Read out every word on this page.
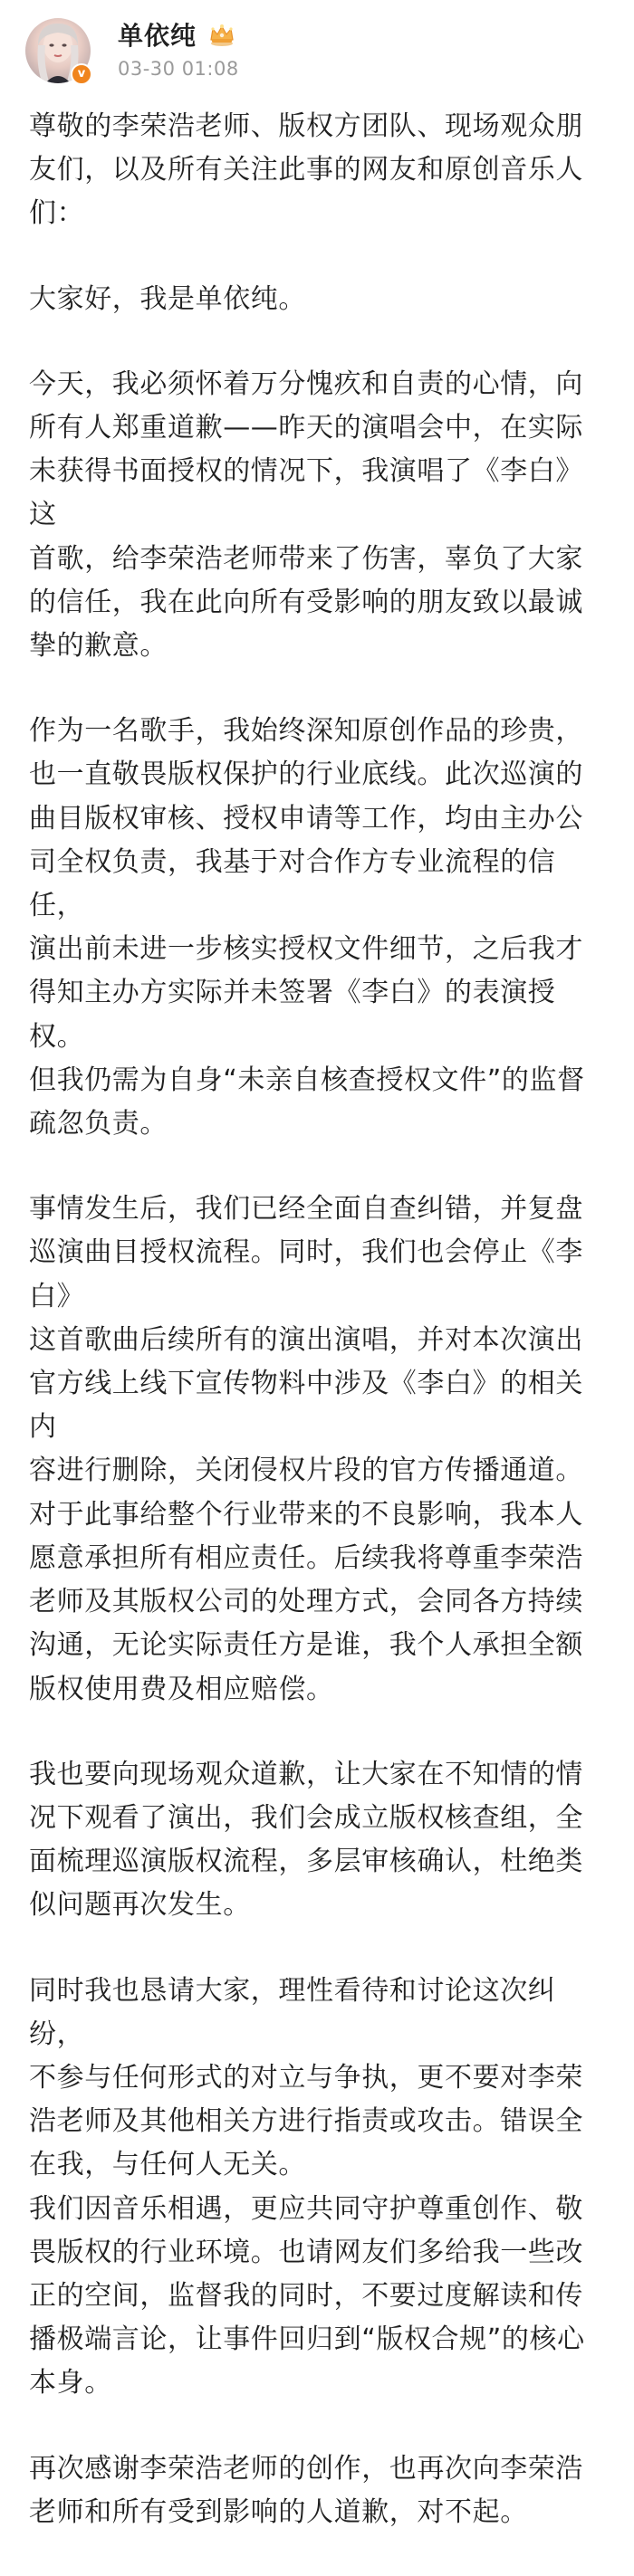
v
单依纯
03-30 01:08

尊敬的李荣浩老师、版权方团队、现场观众朋
友们，以及所有关注此事的网友和原创音乐人
们：

大家好，我是单依纯。

今天，我必须怀着万分愧疚和自责的心情，向
所有人郑重道歉——昨天的演唱会中，在实际
未获得书面授权的情况下，我演唱了《李白》这
首歌，给李荣浩老师带来了伤害，辜负了大家
的信任，我在此向所有受影响的朋友致以最诚
挚的歉意。

作为一名歌手，我始终深知原创作品的珍贵，
也一直敬畏版权保护的行业底线。此次巡演的
曲目版权审核、授权申请等工作，均由主办公
司全权负责，我基于对合作方专业流程的信任，
演出前未进一步核实授权文件细节，之后我才
得知主办方实际并未签署《李白》的表演授权。
但我仍需为自身“未亲自核查授权文件”的监督
疏忽负责。

事情发生后，我们已经全面自查纠错，并复盘
巡演曲目授权流程。同时，我们也会停止《李白》
这首歌曲后续所有的演出演唱，并对本次演出
官方线上线下宣传物料中涉及《李白》的相关内
容进行删除，关闭侵权片段的官方传播通道。
对于此事给整个行业带来的不良影响，我本人
愿意承担所有相应责任。后续我将尊重李荣浩
老师及其版权公司的处理方式，会同各方持续
沟通，无论实际责任方是谁，我个人承担全额
版权使用费及相应赔偿。

我也要向现场观众道歉，让大家在不知情的情
况下观看了演出，我们会成立版权核查组，全
面梳理巡演版权流程，多层审核确认，杜绝类
似问题再次发生。

同时我也恳请大家，理性看待和讨论这次纠纷，
不参与任何形式的对立与争执，更不要对李荣
浩老师及其他相关方进行指责或攻击。错误全
在我，与任何人无关。

我们因音乐相遇，更应共同守护尊重创作、敬
畏版权的行业环境。也请网友们多给我一些改
正的空间，监督我的同时，不要过度解读和传
播极端言论，让事件回归到“版权合规”的核心
本身。

再次感谢李荣浩老师的创作，也再次向李荣浩
老师和所有受到影响的人道歉，对不起。
